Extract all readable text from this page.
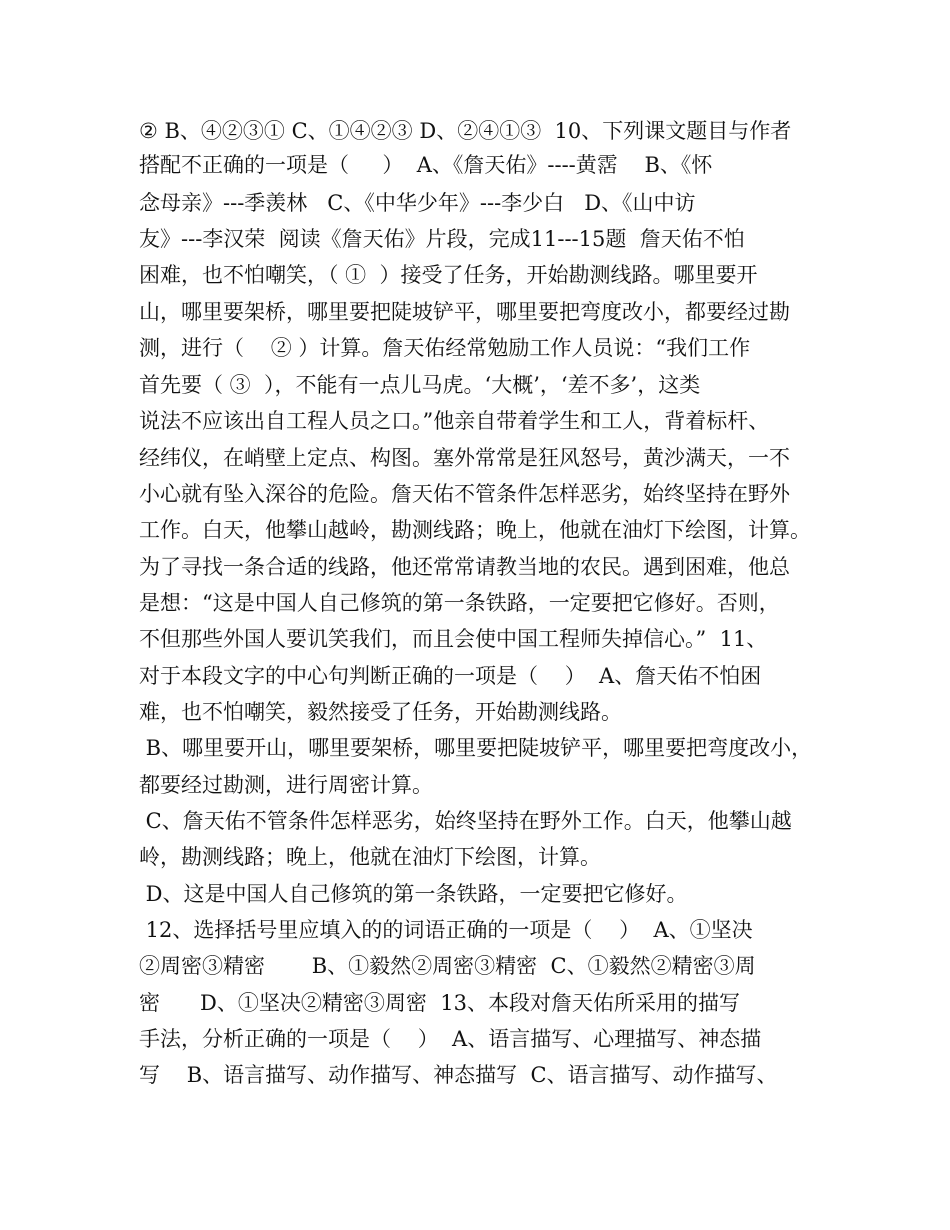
② B、④②③① C、①④②③ D、②④①③  10、下列课文题目与作者
搭配不正确的一项是（     ）  A、《詹天佑》----黄霑    B、《怀
念母亲》---季羡林   C、《中华少年》---李少白   D、《山中访
友》---李汉荣  阅读《詹天佑》片段，完成11---15题  詹天佑不怕
困难，也不怕嘲笑，（ ①  ）接受了任务，开始勘测线路。哪里要开
山，哪里要架桥，哪里要把陡坡铲平，哪里要把弯度改小，都要经过勘
测，进行（    ② ）计算。詹天佑经常勉励工作人员说：“我们工作
首先要（ ③  ），不能有一点儿马虎。‘大概’，‘差不多’，这类
说法不应该出自工程人员之口。”他亲自带着学生和工人，背着标杆、
经纬仪，在峭壁上定点、构图。塞外常常是狂风怒号，黄沙满天，一不
小心就有坠入深谷的危险。詹天佑不管条件怎样恶劣，始终坚持在野外
工作。白天，他攀山越岭，勘测线路；晚上，他就在油灯下绘图，计算。
为了寻找一条合适的线路，他还常常请教当地的农民。遇到困难，他总
是想：“这是中国人自己修筑的第一条铁路，一定要把它修好。否则，
不但那些外国人要讥笑我们，而且会使中国工程师失掉信心。”  11、
对于本段文字的中心句判断正确的一项是（    ）  A、詹天佑不怕困
难，也不怕嘲笑，毅然接受了任务，开始勘测线路。
B、哪里要开山，哪里要架桥，哪里要把陡坡铲平，哪里要把弯度改小，
都要经过勘测，进行周密计算。
C、詹天佑不管条件怎样恶劣，始终坚持在野外工作。白天，他攀山越
岭，勘测线路；晚上，他就在油灯下绘图，计算。
D、这是中国人自己修筑的第一条铁路，一定要把它修好。
12、选择括号里应填入的的词语正确的一项是（    ）  A、①坚决
②周密③精密       B、①毅然②周密③精密  C、①毅然②精密③周
密      D、①坚决②精密③周密  13、本段对詹天佑所采用的描写
手法，分析正确的一项是（    ）  A、语言描写、心理描写、神态描
写    B、语言描写、动作描写、神态描写  C、语言描写、动作描写、
